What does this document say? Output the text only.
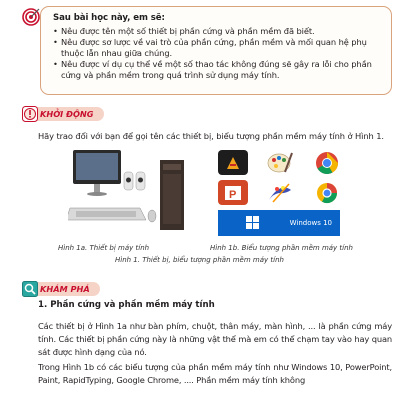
Sau bài học này, em sẽ:
• Nêu được tên một số thiết bị phần cứng và phần mềm đã biết.
• Nêu được sơ lược về vai trò của phần cứng, phần mềm và mối quan hệ phụ thuộc lẫn nhau giữa chúng.
• Nêu được ví dụ cụ thể về một số thao tác không đúng sẽ gây ra lỗi cho phần cứng và phần mềm trong quá trình sử dụng máy tính.
KHỞI ĐỘNG
Hãy trao đổi với bạn để gọi tên các thiết bị, biểu tượng phần mềm máy tính ở Hình 1.
P
Windows 10
Hình 1a. Thiết bị máy tính	Hình 1b. Biểu tượng phần mềm máy tính
Hình 1. Thiết bị, biểu tượng phần mềm máy tính
KHÁM PHÁ
1. Phần cứng và phần mềm máy tính
Các thiết bị ở Hình 1a như bàn phím, chuột, thân máy, màn hình, ... là phần cứng máy tính. Các thiết bị phần cứng này là những vật thể mà em có thể chạm tay vào hay quan sát được hình dạng của nó.
Trong Hình 1b có các biểu tượng của phần mềm máy tính như Windows 10, PowerPoint, Paint, RapidTyping, Google Chrome, .... Phần mềm máy tính không
